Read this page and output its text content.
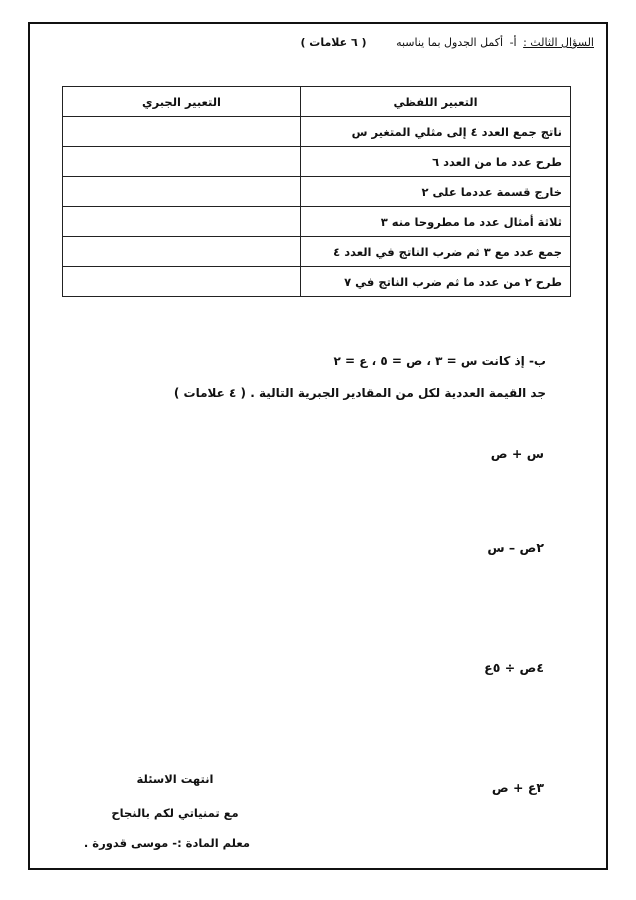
السؤال الثالث : أ- أكمل الجدول بما يناسبه ( ٦ علامات )
التعبير اللفظي	التعبير الجبري
ناتج جمع العدد ٤ إلى مثلي المتغير س	
طرح عدد ما من العدد ٦	
خارج قسمة عددما على ٢	
ثلاثة أمثال عدد ما مطروحا منه ٣	
جمع عدد مع ٣ ثم ضرب الناتج في العدد ٤	
طرح ٢ من عدد ما ثم ضرب الناتج في ٧	
ب- إذ كانت س = ٣ ، ص = ٥ ، ع = ٢
جد القيمة العددية لكل من المقادير الجبرية التالية . ( ٤ علامات )
س + ص
٢ص – س
٤ص ÷ ٥ع
٣ع + ص
انتهت الاسئلة
مع تمنياتي لكم بالنجاح
معلم المادة :- موسى قدورة .
